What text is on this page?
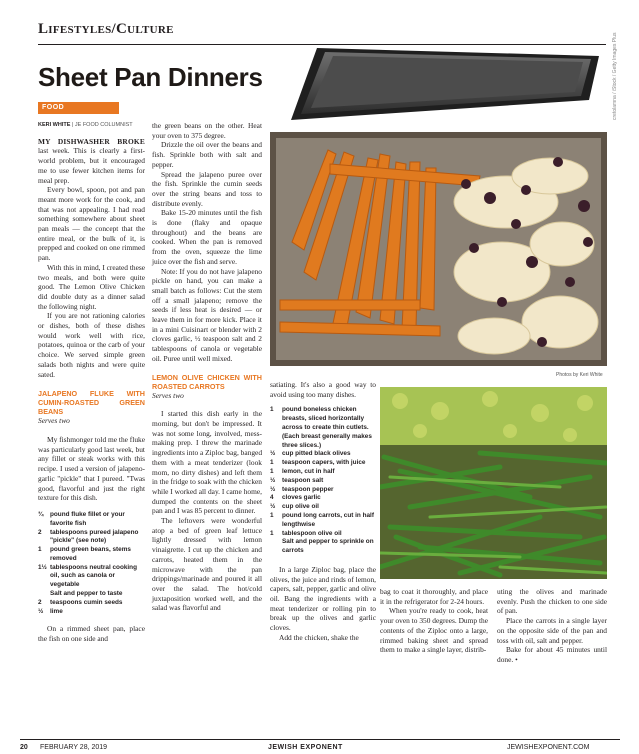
Lifestyles/Culture
cretolamna / iStock / Getty Images Plus
Sheet Pan Dinners
FOOD
KERI WHITE | JE FOOD COLUMNIST

MY DISHWASHER BROKE last week. This is clearly a first-world problem, but it encouraged me to use fewer kitchen items for meal prep.

Every bowl, spoon, pot and pan meant more work for the cook, and that was not appealing. I had read something somewhere about sheet pan meals — the concept that the entire meal, or the bulk of it, is prepped and cooked on one rimmed pan.

With this in mind, I created these two meals, and both were quite good. The Lemon Olive Chicken did double duty as a dinner salad the following night.

If you are not rationing calories or dishes, both of these dishes would work well with rice, potatoes, quinoa or the carb of your choice. We served simple green salads both nights and were quite sated.

JALAPENO FLUKE WITH CUMIN-ROASTED GREEN BEANS

Serves two

My fishmonger told me the fluke was particularly good last week, but any fillet or steak works with this recipe. I used a version of jalapeno-garlic "pickle" that I pureed. "Twas good, flavorful and just the right texture for this dish.

¾	pound fluke fillet or your favorite fish
2	tablespoons pureed jalapeno "pickle" (see note)
1	pound green beans, stems removed
1½ tablespoons neutral cooking oil, such as canola or vegetable
Salt and pepper to taste
2	teaspoons cumin seeds
½	lime

On a rimmed sheet pan, place the fish on one side and

the green beans on the other. Heat your oven to 375 degree.

Drizzle the oil over the beans and fish. Sprinkle both with salt and pepper.

Spread the jalapeno puree over the fish. Sprinkle the cumin seeds over the string beans and toss to distribute evenly.

Bake 15-20 minutes until the fish is done (flaky and opaque throughout) and the beans are cooked. When the pan is removed from the oven, squeeze the lime juice over the fish and serve.

Note: If you do not have jalapeno pickle on hand, you can make a small batch as follows: Cut the stem off a small jalapeno; remove the seeds if less heat is desired — or leave them in for more kick. Place it in a mini Cuisinart or blender with 2 cloves garlic, ½ teaspoon salt and 2 tablespoons of canola or vegetable oil. Puree until well mixed.

LEMON OLIVE CHICKEN WITH ROASTED CARROTS

Serves two

I started this dish early in the morning, but don't be impressed. It was not some long, involved, mess-making prep. I threw the marinade ingredients into a Ziploc bag, banged them with a meat tenderizer (look mom, no dirty dishes) and left them in the fridge to soak with the chicken while I worked all day. I came home, dumped the contents on the sheet pan and I was 85 percent to dinner.

The leftovers were wonderful atop a bed of green leaf lettuce lightly dressed with lemon vinaigrette. I cut up the chicken and carrots, heated them in the microwave with the pan drippings/marinade and poured it all over the salad. The hot/cold juxtaposition worked well, and the salad was flavorful and

satiating. It's also a good way to avoid using too many dishes.

1	pound boneless chicken breasts, sliced horizontally across to create thin cutlets. (Each breast generally makes three slices.)
½	cup pitted black olives
1	teaspoon capers, with juice
1	lemon, cut in half
½	teaspoon salt
½	teaspoon pepper
4	cloves garlic
½	cup olive oil
1	pound long carrots, cut in half lengthwise
1	tablespoon olive oil
Salt and pepper to sprinkle on carrots

In a large Ziploc bag, place the olives, the juice and rinds of lemon, capers, salt, pepper, garlic and olive oil. Bang the ingredients with a meat tenderizer or rolling pin to break up the olives and garlic cloves.

Add the chicken, shake the

Photos by Keri White

bag to coat it thoroughly, and place it in the refrigerator for 2-24 hours.

When you're ready to cook, heat your oven to 350 degrees. Dump the contents of the Ziploc onto a large, rimmed baking sheet and spread them to make a single layer, distrib-

uting the olives and marinade evenly. Push the chicken to one side of pan.

Place the carrots in a single layer on the opposite side of the pan and toss with oil, salt and pepper.

Bake for about 45 minutes until done. •

20 FEBRUARY 28, 2019	JEWISH EXPONENT	JEWISHEXPONENT.COM
